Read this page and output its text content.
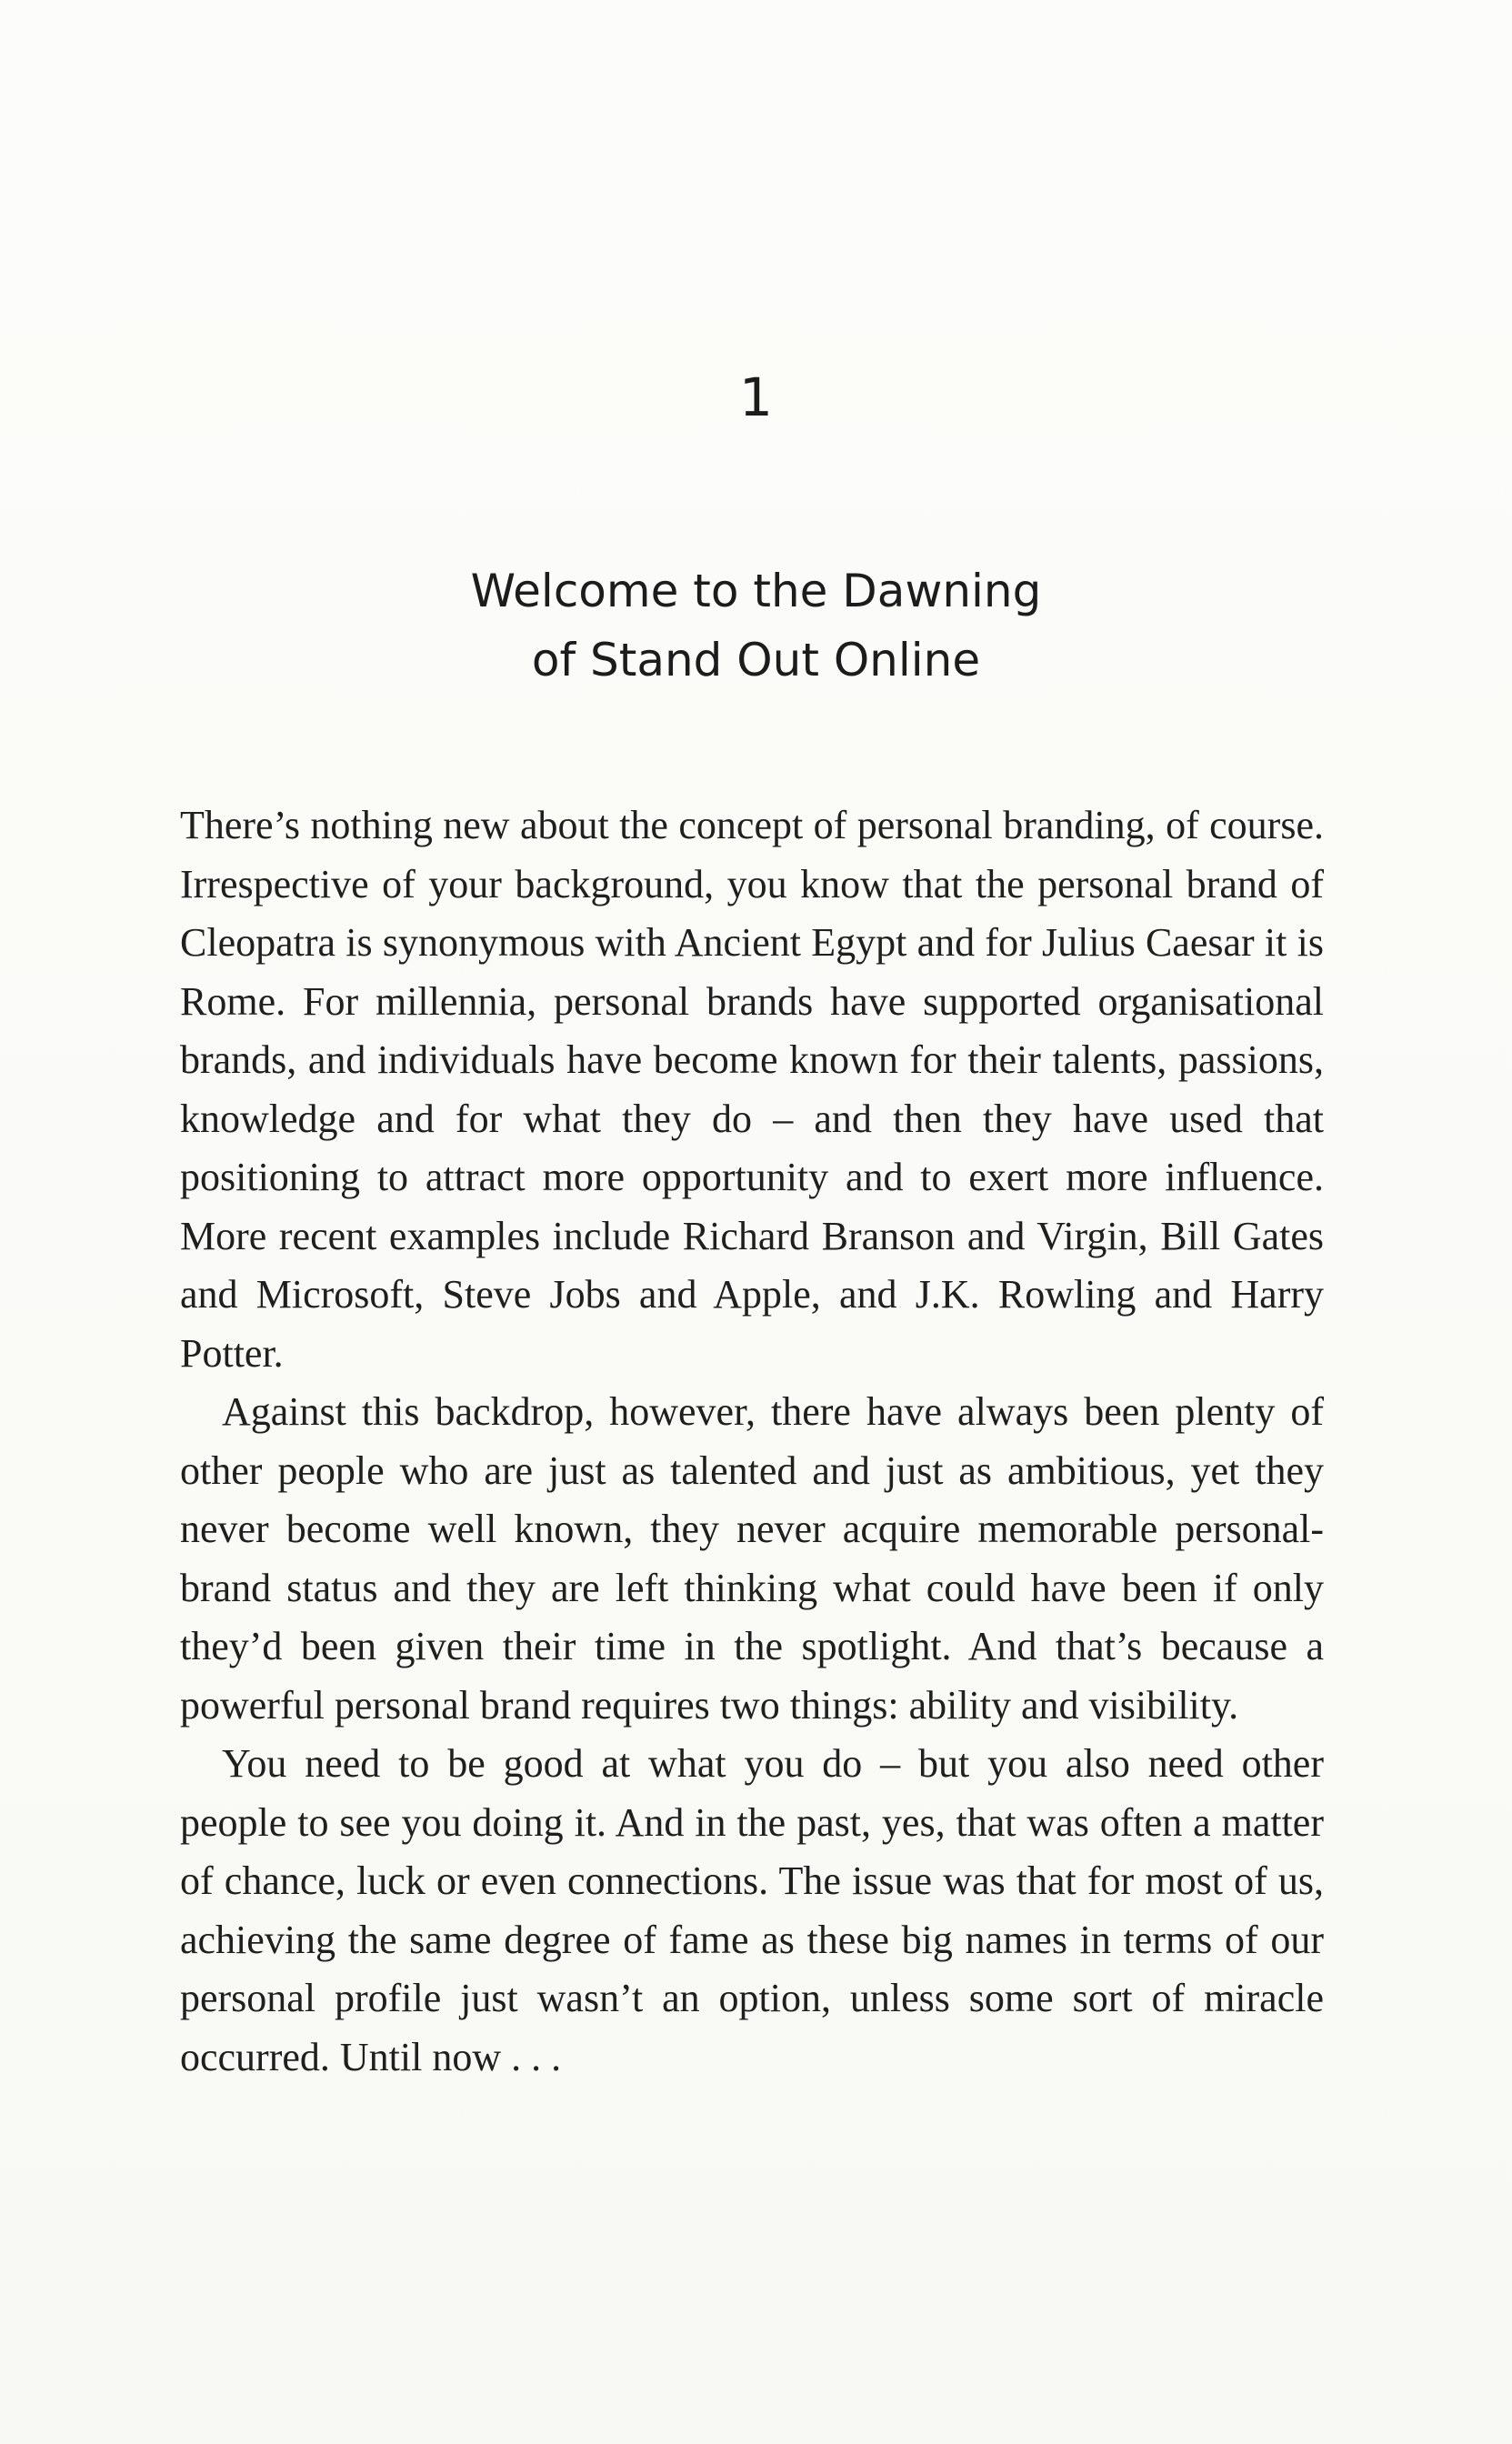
1
Welcome to the Dawning
of Stand Out Online

There’s nothing new about the concept of personal branding, of course. Irrespective of your background, you know that the personal brand of Cleopatra is synonymous with Ancient Egypt and for Julius Caesar it is Rome. For millennia, personal brands have supported organisational brands, and individuals have become known for their talents, passions, knowledge and for what they do – and then they have used that positioning to attract more opportunity and to exert more influence. More recent examples include Richard Branson and Virgin, Bill Gates and Microsoft, Steve Jobs and Apple, and J.K. Rowling and Harry Potter.

Against this backdrop, however, there have always been plenty of other people who are just as talented and just as ambitious, yet they never become well known, they never acquire memorable personal-brand status and they are left thinking what could have been if only they’d been given their time in the spotlight. And that’s because a powerful personal brand requires two things: ability and visibility.

You need to be good at what you do – but you also need other people to see you doing it. And in the past, yes, that was often a matter of chance, luck or even connections. The issue was that for most of us, achieving the same degree of fame as these big names in terms of our personal profile just wasn’t an option, unless some sort of miracle occurred. Until now . . .
